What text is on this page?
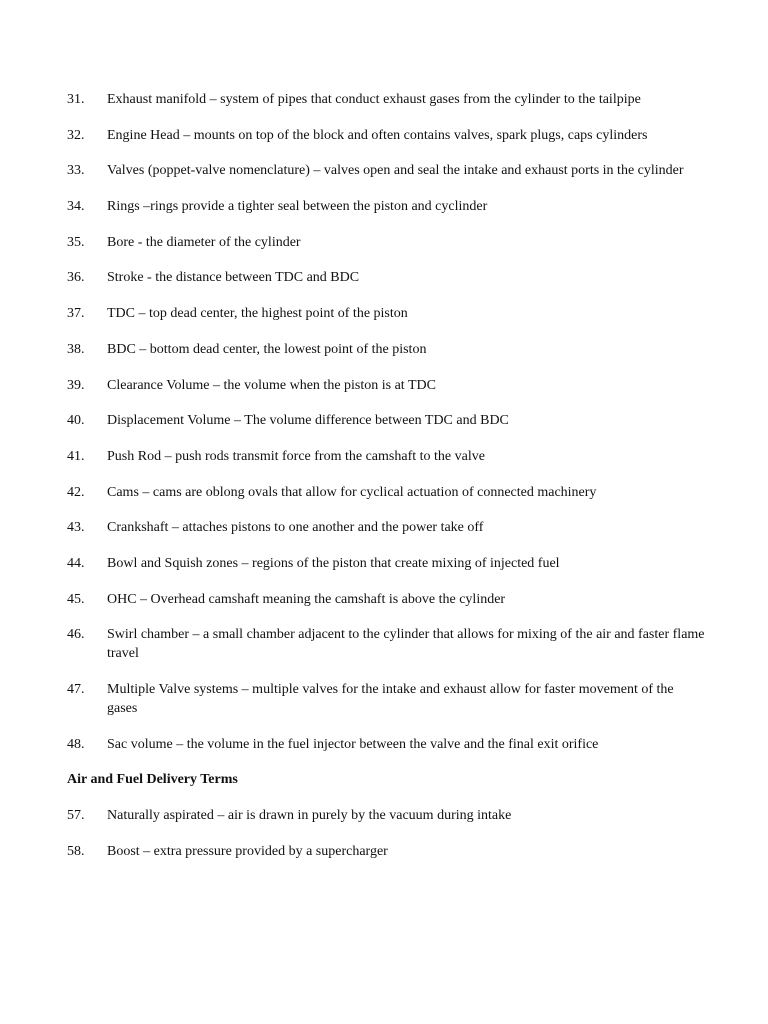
31.	Exhaust manifold – system of pipes that conduct exhaust gases from the cylinder to the tailpipe
32.	Engine Head – mounts on top of the block and often contains valves, spark plugs, caps cylinders
33.	Valves (poppet-valve nomenclature) – valves open and seal the intake and exhaust ports in the cylinder
34.	Rings –rings provide a tighter seal between the piston and cyclinder
35.	Bore - the diameter of the cylinder
36.	Stroke - the distance between TDC and BDC
37.	TDC – top dead center, the highest point of the piston
38.	BDC – bottom dead center, the lowest point of the piston
39.	Clearance Volume – the volume when the piston is at TDC
40.	Displacement Volume – The volume difference between TDC and BDC
41.	Push Rod – push rods transmit force from the camshaft to the valve
42.	Cams – cams are oblong ovals that allow for cyclical actuation of connected machinery
43.	Crankshaft – attaches pistons to one another and the power take off
44.	Bowl and Squish zones – regions of the piston that create mixing of injected fuel
45.	OHC – Overhead camshaft meaning the camshaft is above the cylinder
46.	Swirl chamber – a small chamber adjacent to the cylinder that allows for mixing of the air and faster flame travel
47.	Multiple Valve systems – multiple valves for the intake and exhaust allow for faster movement of the gases
48.	Sac volume – the volume in the fuel injector between the valve and the final exit orifice
Air and Fuel Delivery Terms
57.	Naturally aspirated – air is drawn in purely by the vacuum during intake
58.	Boost – extra pressure provided by a supercharger
